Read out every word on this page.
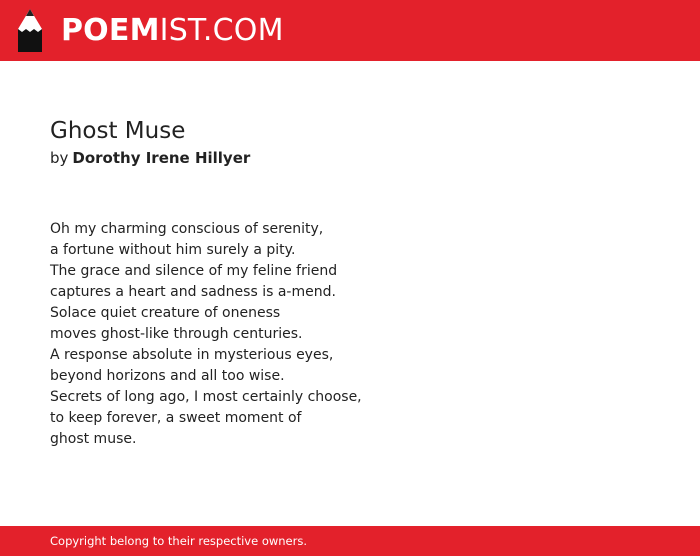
POEMIST.COM
Ghost Muse
by Dorothy Irene Hillyer
Oh my charming conscious of serenity,
a fortune without him surely a pity.
The grace and silence of my feline friend
captures a heart and sadness is a-mend.
Solace quiet creature of oneness
moves ghost-like through centuries.
A response absolute in mysterious eyes,
beyond horizons and all too wise.
Secrets of long ago, I most certainly choose,
to keep forever, a sweet moment of
ghost muse.
Copyright belong to their respective owners.
